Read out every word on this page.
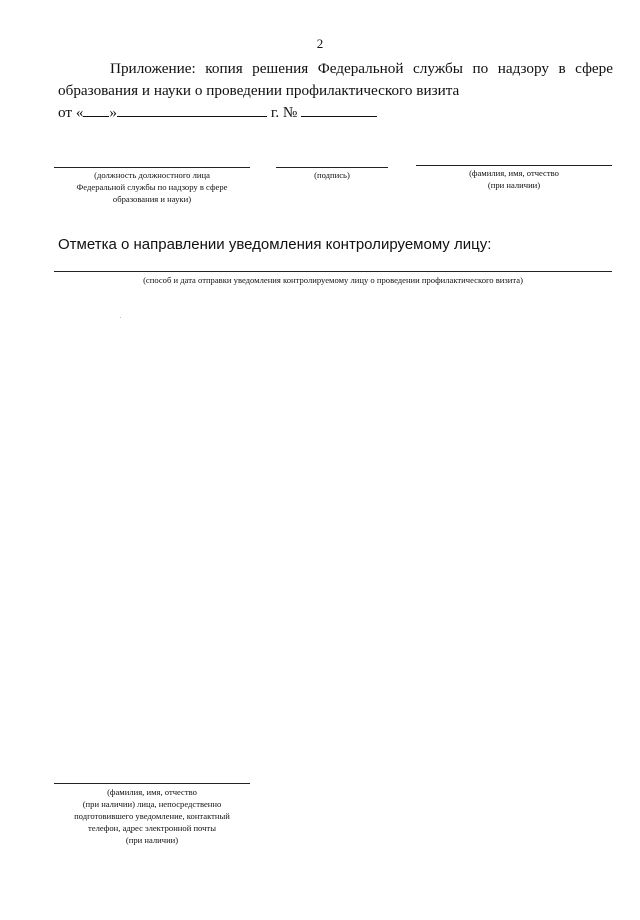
2
Приложение: копия решения Федеральной службы по надзору в сфере
образования и науки о проведении профилактического визита
от « »	г. №
(должность должностного лица
Федеральной службы по надзору в сфере
образования и науки)
(подпись)	(фамилия, имя, отчество
(при наличии)
Отметка о направлении уведомления контролируемому лицу:
(способ и дата отправки уведомления контролируемому лицу о проведении профилактического визита)
(фамилия, имя, отчество
(при наличии) лица, непосредственно
подготовившего уведомление, контактный
телефон, адрес электронной почты
(при наличии)
